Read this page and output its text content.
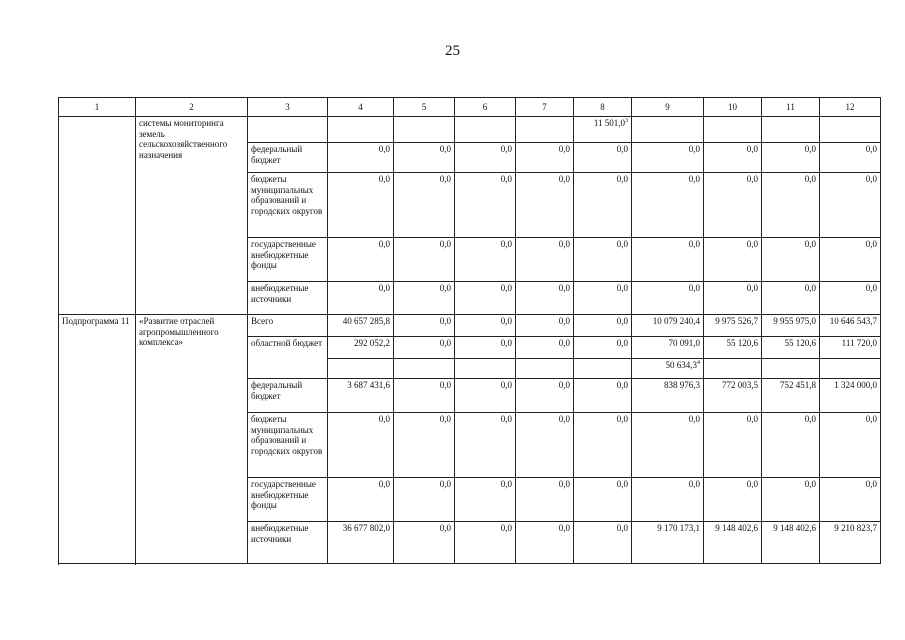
25
1	2	3	4	5	6	7	8	9	10	11	12
	системы мониторинга земель сельскохозяйственного назначения						11 501,0$^3$				
		федеральный бюджет	0,0	0,0	0,0	0,0	0,0	0,0	0,0	0,0	0,0
		бюджеты муниципальных образований и городских округов	0,0	0,0	0,0	0,0	0,0	0,0	0,0	0,0	0,0
		государственные внебюджетные фонды	0,0	0,0	0,0	0,0	0,0	0,0	0,0	0,0	0,0
		внебюджетные источники	0,0	0,0	0,0	0,0	0,0	0,0	0,0	0,0	0,0
Подпрограмма 11	«Развитие отраслей агропромышленного комплекса»	Всего	40 657 285,8	0,0	0,0	0,0	0,0	10 079 240,4	9 975 526,7	9 955 975,0	10 646 543,7
		областной бюджет	292 052,2	0,0	0,0	0,0	0,0	70 091,0	55 120,6	55 120,6	111 720,0
								50 634,3$^4$			
		федеральный бюджет	3 687 431,6	0,0	0,0	0,0	0,0	838 976,3	772 003,5	752 451,8	1 324 000,0
		бюджеты муниципальных образований и городских округов	0,0	0,0	0,0	0,0	0,0	0,0	0,0	0,0	0,0
		государственные внебюджетные фонды	0,0	0,0	0,0	0,0	0,0	0,0	0,0	0,0	0,0
		внебюджетные источники	36 677 802,0	0,0	0,0	0,0	0,0	9 170 173,1	9 148 402,6	9 148 402,6	9 210 823,7
